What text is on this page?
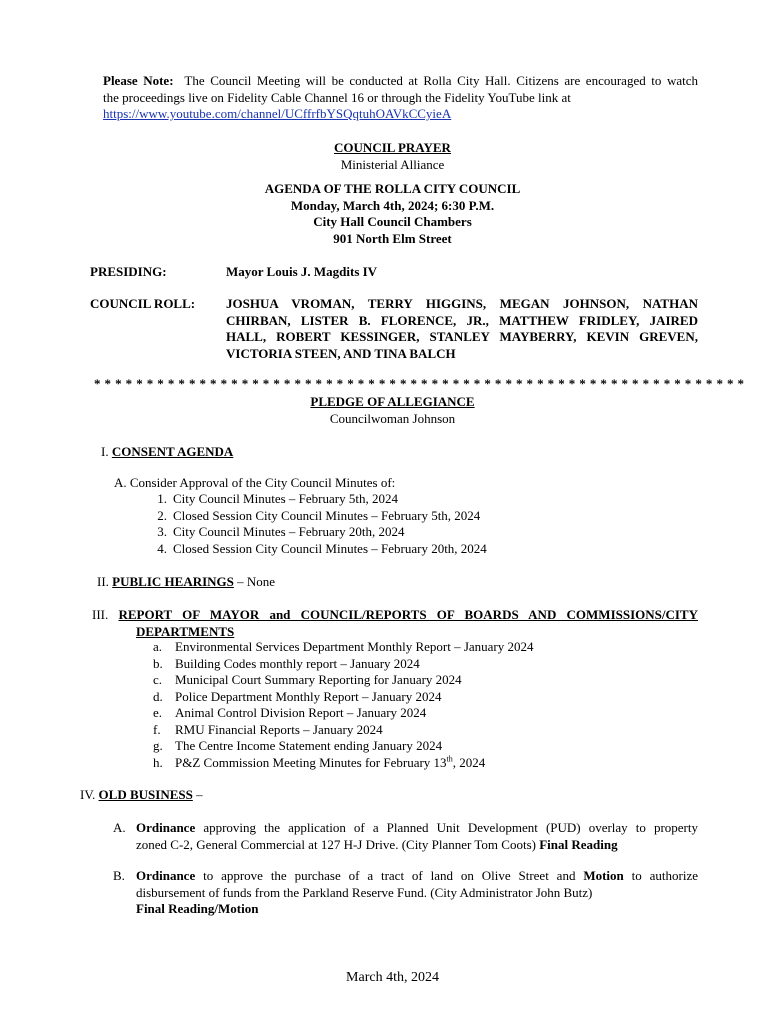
Please Note: The Council Meeting will be conducted at Rolla City Hall. Citizens are encouraged to watch
the proceedings live on Fidelity Cable Channel 16 or through the Fidelity YouTube link at
https://www.youtube.com/channel/UCffrfbYSQqtuhOAVkCCyieA
COUNCIL PRAYER
Ministerial Alliance
AGENDA OF THE ROLLA CITY COUNCIL
Monday, March 4th, 2024; 6:30 P.M.
City Hall Council Chambers
901 North Elm Street
PRESIDING:	Mayor Louis J. Magdits IV
COUNCIL ROLL: JOSHUA VROMAN, TERRY HIGGINS, MEGAN JOHNSON, NATHAN
CHIRBAN, LISTER B. FLORENCE, JR., MATTHEW FRIDLEY, JAIRED
HALL, ROBERT KESSINGER, STANLEY MAYBERRY, KEVIN GREVEN,
VICTORIA STEEN, AND TINA BALCH
* * * * * * * * * * * * * * * * * * * * * * * * * * * * * * * * * * * * * * * * * * * * * * * * * * * * * * * * * * * * * *
PLEDGE OF ALLEGIANCE
Councilwoman Johnson
I. CONSENT AGENDA
A. Consider Approval of the City Council Minutes of:
1. City Council Minutes – February 5th, 2024
2. Closed Session City Council Minutes – February 5th, 2024
3. City Council Minutes – February 20th, 2024
4. Closed Session City Council Minutes – February 20th, 2024
II. PUBLIC HEARINGS – None
III. REPORT OF MAYOR and COUNCIL/REPORTS OF BOARDS AND COMMISSIONS/CITY
DEPARTMENTS
a. Environmental Services Department Monthly Report – January 2024
b. Building Codes monthly report – January 2024
c. Municipal Court Summary Reporting for January 2024
d. Police Department Monthly Report – January 2024
e. Animal Control Division Report – January 2024
f. RMU Financial Reports – January 2024
g. The Centre Income Statement ending January 2024
h. P&Z Commission Meeting Minutes for February 13th, 2024
IV. OLD BUSINESS –
A. Ordinance approving the application of a Planned Unit Development (PUD) overlay to property
zoned C-2, General Commercial at 127 H-J Drive. (City Planner Tom Coots) Final Reading
B. Ordinance to approve the purchase of a tract of land on Olive Street and Motion to authorize
disbursement of funds from the Parkland Reserve Fund. (City Administrator John Butz)
Final Reading/Motion
March 4th, 2024
